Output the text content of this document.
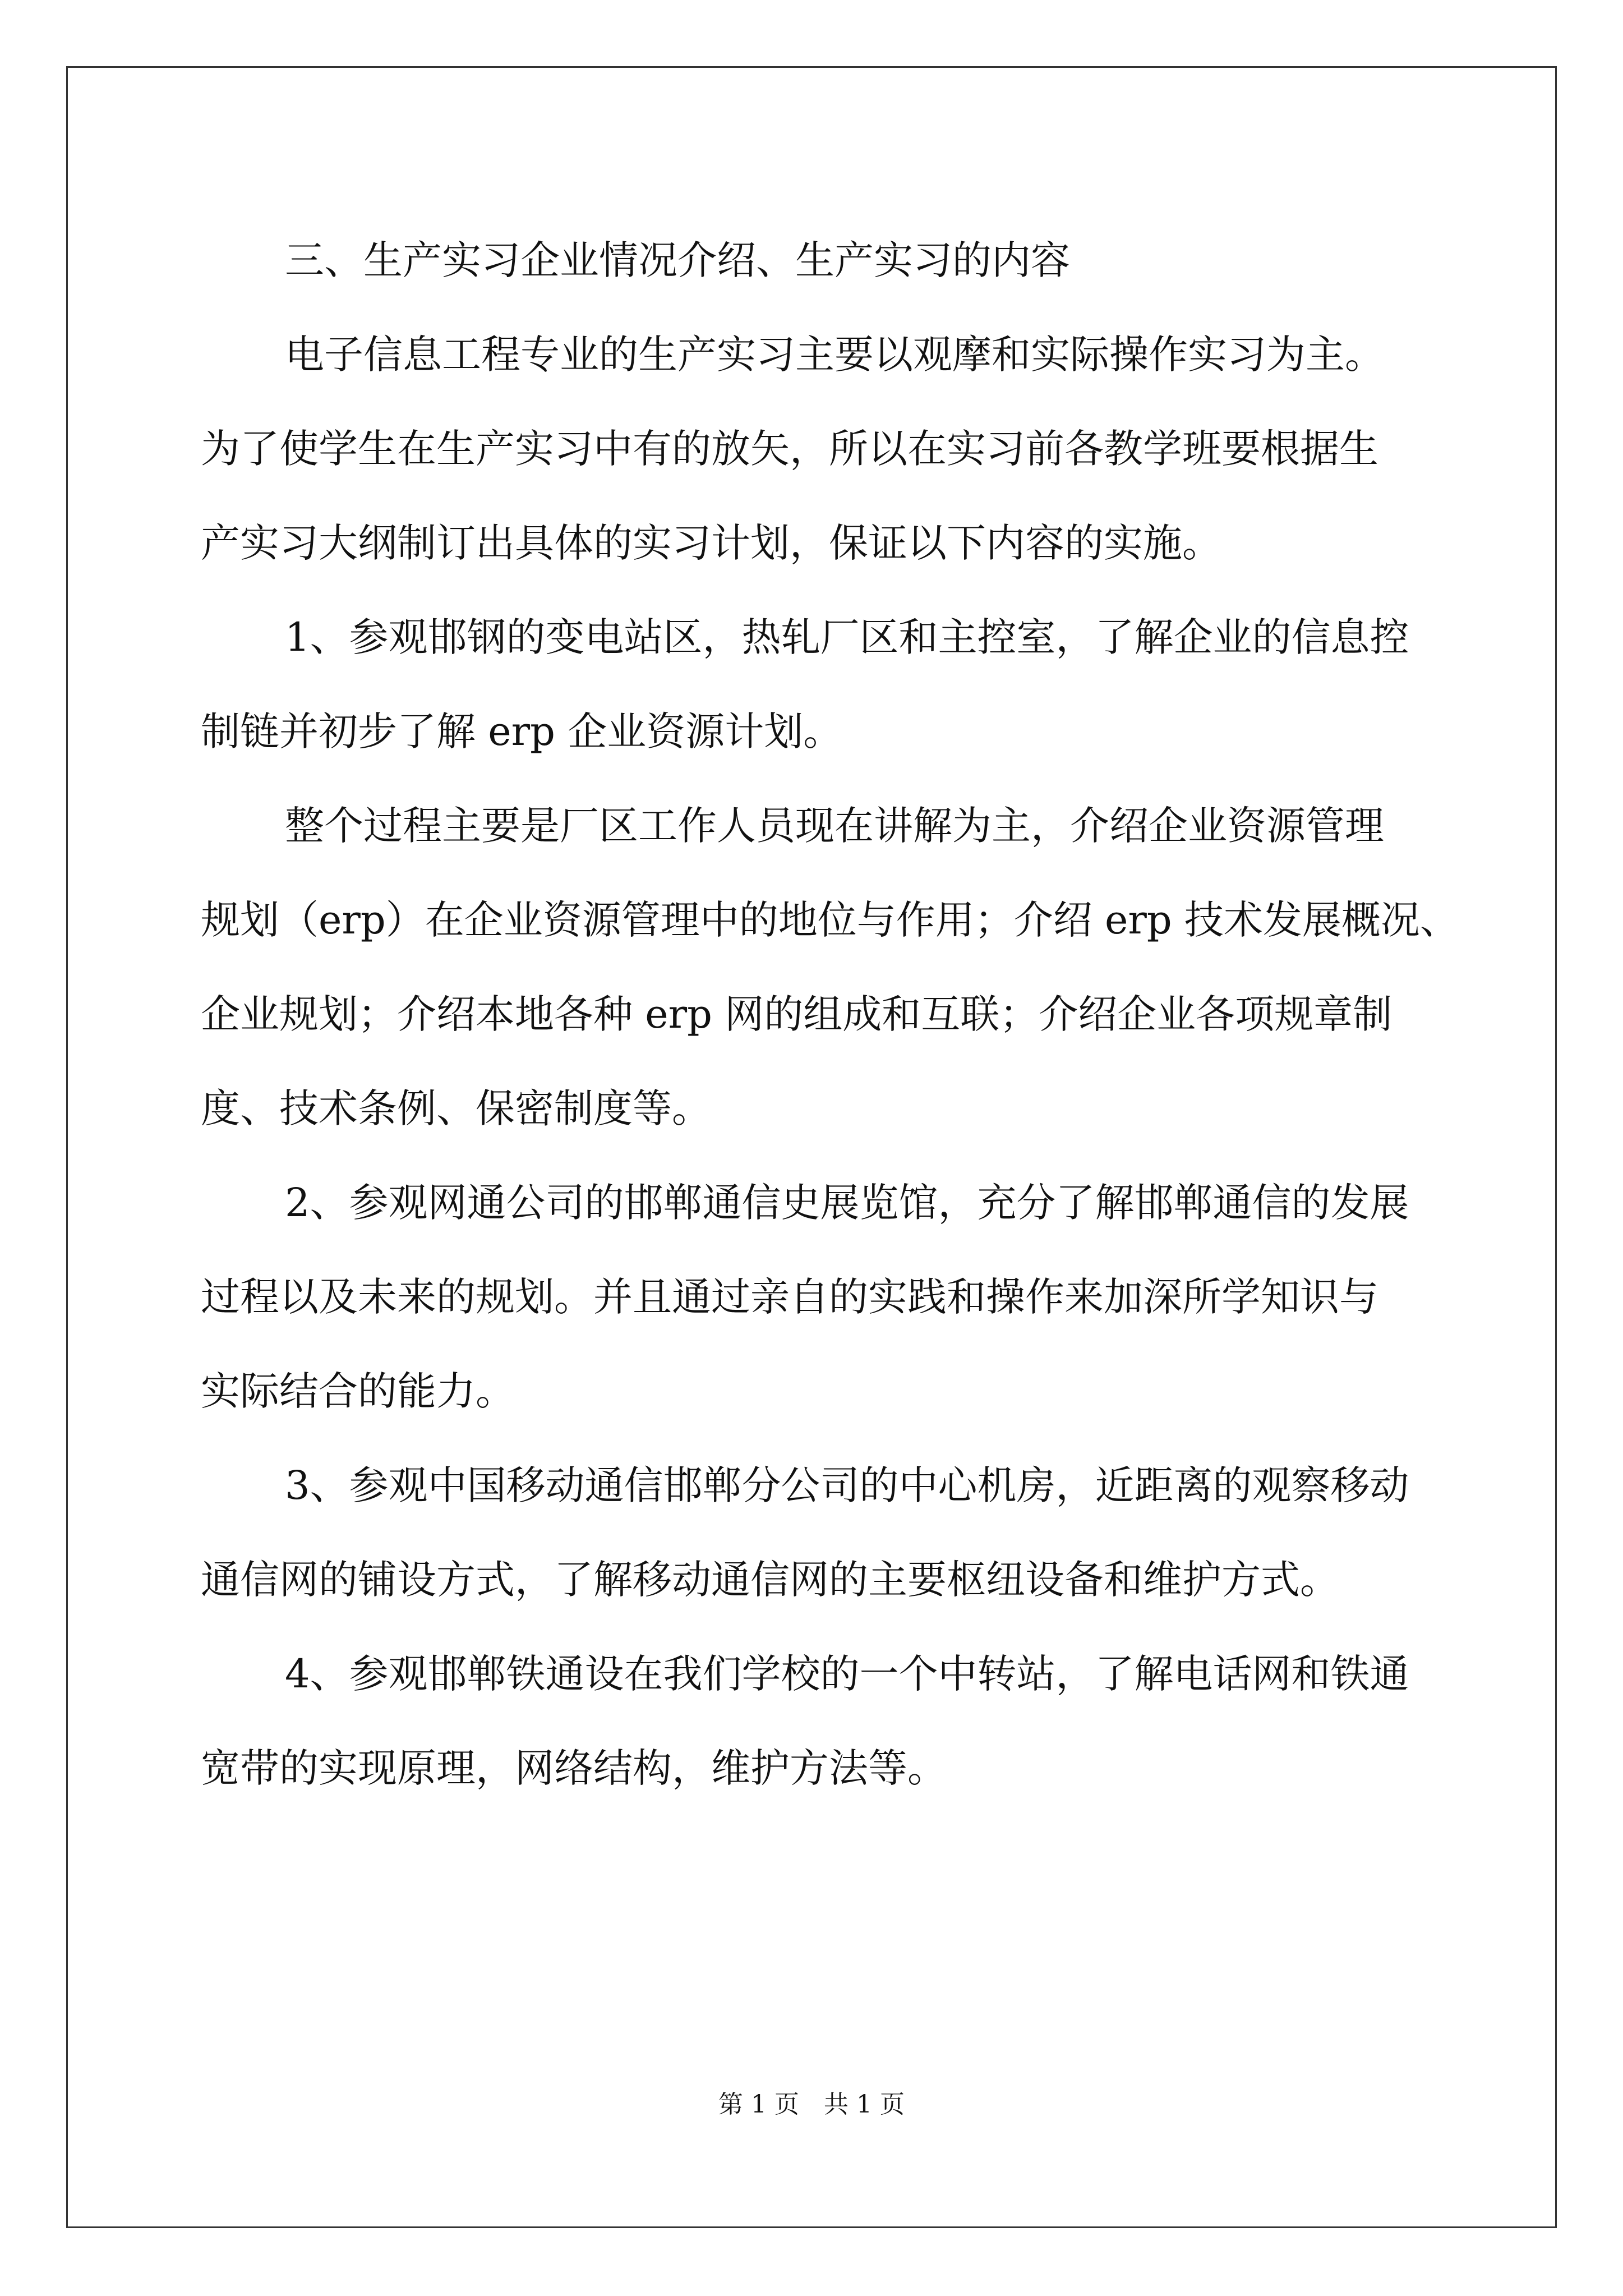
三、生产实习企业情况介绍、生产实习的内容
电子信息工程专业的生产实习主要以观摩和实际操作实习为主。
为了使学生在生产实习中有的放矢，所以在实习前各教学班要根据生
产实习大纲制订出具体的实习计划，保证以下内容的实施。
1、参观邯钢的变电站区，热轧厂区和主控室，了解企业的信息控
制链并初步了解 erp 企业资源计划。
整个过程主要是厂区工作人员现在讲解为主，介绍企业资源管理
规划（erp）在企业资源管理中的地位与作用；介绍 erp 技术发展概况、
企业规划；介绍本地各种 erp 网的组成和互联；介绍企业各项规章制
度、技术条例、保密制度等。
2、参观网通公司的邯郸通信史展览馆，充分了解邯郸通信的发展
过程以及未来的规划。并且通过亲自的实践和操作来加深所学知识与
实际结合的能力。
3、参观中国移动通信邯郸分公司的中心机房，近距离的观察移动
通信网的铺设方式，了解移动通信网的主要枢纽设备和维护方式。
4、参观邯郸铁通设在我们学校的一个中转站，了解电话网和铁通
宽带的实现原理，网络结构，维护方法等。
第 1 页　共 1 页
